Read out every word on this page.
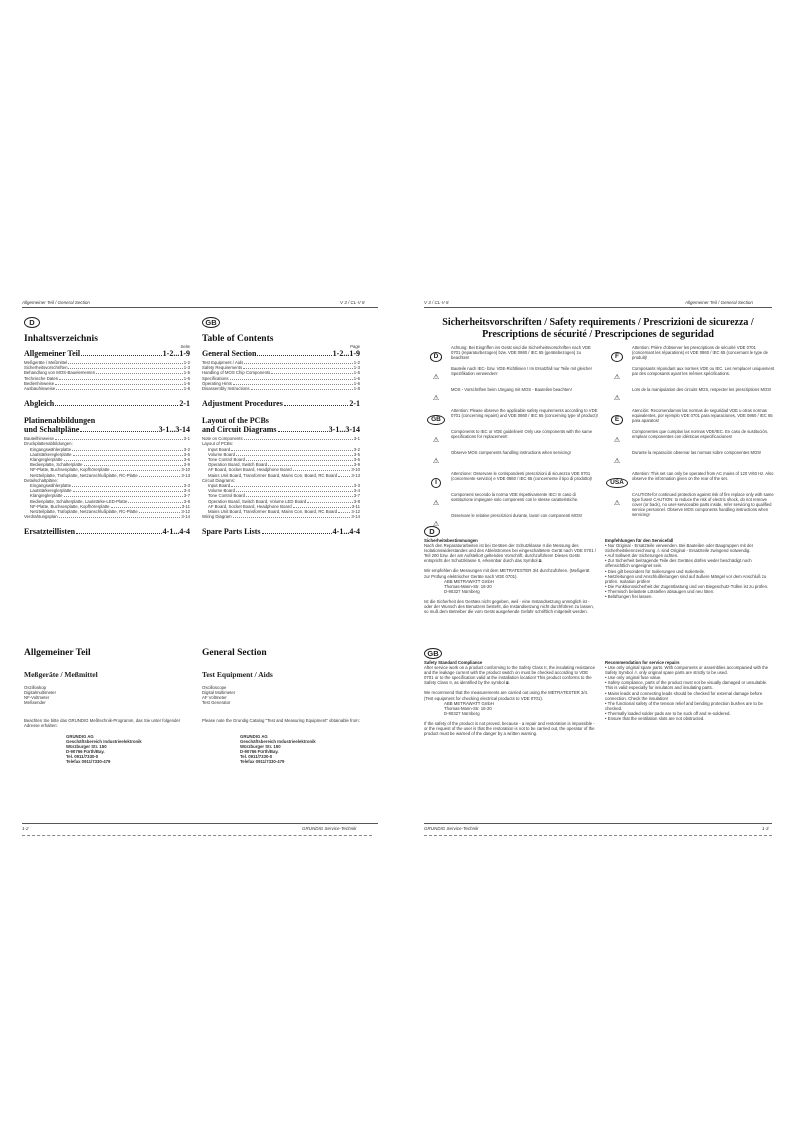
Allgemeiner Teil / General Section	V 3 / CL-V 8
D
Inhaltsverzeichnis
Seite
Allgemeiner Teil	1-2...1-9
Meßgeräte / Meßmittel	1-2
Sicherheitsvorschriften	1-3
Behandlung von MOS-Bauelementen	1-5
Technische Daten	1-6
Bedienhinweise	1-6
Ausbauhinweise	1-8
Abgleich	2-1
Platinenabbildungen
und Schaltpläne	3-1...3-14
Bauteilhinweise	3-1
Druckplattenabbildungen:
Eingangswählerplatte	3-2
Lautstärkereglerplatte	3-5
Klangreglerplatte	3-6
Bedienplatte, Schalterplatte	3-9
NF-Platte, Buchsenplatte, Kopfhörerplatte	3-10
Netzteilplatte, Trafoplatte, Netzanschlußplatte, RC-Platte	3-13
Detailschaltpläne:
Eingangswählerplatte	3-3
Lautstärkereglerplatte	3-4
Klangreglerplatte	3-7
Bedienplatte, Schalterplatte, Lautstärke-LED-Platte	3-8
NF-Platte, Buchsenplatte, Kopfhörerplatte	3-11
Netzteilplatte, Trafoplatte, Netzanschlußplatte, RC-Platte	3-12
Verdrahtungsplan	3-14
Ersatzteillisten	4-1...4-4
GB
Table of Contents
Page
General Section	1-2...1-9
Test Equipment / Aids	1-2
Safety Requirements	1-3
Handling of MOS Chip Components	1-5
Specifications	1-6
Operating Hints	1-6
Disassembly Instructions	1-8
Adjustment Procedures	2-1
Layout of the PCBs
and Circuit Diagrams	3-1...3-14
Note on Components	3-1
Layout of PCBs:
Input Board	3-2
Volume Board	3-5
Tone Control Board	3-6
Operation Board, Switch Board	3-9
AF Board, Socket Board, Headphone Board	3-10
Mains Unit Board, Transformer Board, Mains Con. Board, RC Board	3-13
Circuit Diagrams:
Input Board	3-3
Volume Board	3-4
Tone Control Board	3-7
Operation Board, Switch Board, Volume LED Board	3-8
AF Board, Socket Board, Headphone Board	3-11
Mains Unit Board, Transformer Board, Mains Con. Board, RC Board	3-12
Wiring Diagram	3-14
Spare Parts Lists	4-1...4-4
Allgemeiner Teil
Meßgeräte / Meßmittel
Oszilloskop
Digitalmultimeter
NF-Voltmeter
Meßsender
Beachten Sie bitte das GRUNDIG Meßtechnik-Programm, das Sie unter folgender Adresse erhalten:
GRUNDIG AG
Geschäftsbereich Industrieelektronik
Würzburger Str. 150
D-90766 Fürth/Bay.
Tel. 0911/7330-0
Telefax 0911/7330-479
General Section
Test Equipment / Aids
Oscilloscope
Digital Multimeter
AF Voltmeter
Test Generator
Please note the Grundig Catalog "Test and Measuring Equipment" obtainable from:
GRUNDIG AG
Geschäftsbereich Industrieelektronik
Würzburger Str. 150
D-90766 Fürth/Bay.
Tel. 0911/7330-0
Telefax 0911/7330-479
1-2	GRUNDIG Service-Technik
V 3 / CL-V 8	Allgemeiner Teil / General Section
Sicherheitsvorschriften / Safety requirements / Prescrizioni de sicurezza /
Prescriptions de sécurité / Prescripciones de seguridad
D
Achtung: Bei Eingriffen ins Gerät sind die Sicherheitsvorschriften nach VDE 0701 (reparaturbezogen) bzw. VDE 0860 / IEC 65 (gerätebezogen) zu beachten!
⚠
Bauteile nach IEC- bzw. VDE-Richtlinien ! Im Ersatzfall nur Teile mit gleicher Spezifikation verwenden!
⚠
MOS - Vorschriften beim Umgang mit MOS - Bauteilen beachten!
GB
Attention: Please observe the applicable safety requirements according to VDE 0701 (concerning repairs) and VDE 0860 / IEC 65 (concerning type of product)!
⚠
Components to IEC or VDE guidelines! Only use components with the same specifications for replacement!
⚠
Observe MOS components handling instructions when servicing!
I
Attenzione: Osservare le corrispondenti prescrizioni di sicurezza VDE 0701 (concernente servizio) e VDE 0860 / IEC 65 (concernente il tipo di prodotto)!
⚠
Componenti secondo la norma VDE rispettivamente IEC! In caso di sostituzione impiegare solo componenti con le stesse caratteristiche.
⚠
Osservare le relative prescrizioni durante, lavori con componenti MOS!
F
Attention: Prière d'observer les prescriptions de sécurité VDE 0701 (concernant les réparations) et VDE 0860 / IEC 65 (concernant le type de produit)!
⚠
Composants répondant aux normes VDE ou IEC. Les remplacer uniquement par des composants ayant les mêmes spécifications.
⚠
Lors de la manipulation des circuits MOS, respecter les prescriptions MOS!
E
Atención: Recomendamos las normas de seguridad VDE u otras normas equivalentes, por ejemplo VDE 0701 para reparaciones, VDE 0860 / IEC 65 para aparatos!
⚠
Componentes que cumplan las normas VDE/IEC. En caso de sustitución, emplear componentes con idénticas especificaciones!
⚠
Durante la reparación observar las normas sobre componentes MOS!
USA
Attention: This set can only be operated from AC mains of 120 V/60 Hz. Also observe the information given on the rear of the set.
⚠
CAUTION-for continued protection against risk of fire replace only with same type fuses! CAUTION: to reduce the risk of electric shock, do not remove cover (or back), no user-serviceable parts inside, refer servicing to qualified service personnel. Observe MOS components handling instructions when servicing!
D
Sicherheitsbestimmungen
Nach den Reparaturarbeiten ist bei Geräten der Schutzklasse II die Messung des Isolationswiderstandes und des Ableitstromes bei eingeschaltetem Gerät nach VDE 0701 / Teil 200 bzw. der am Aufstellort geltenden Vorschrift, durchzuführen! Dieses Gerät entspricht der Schutzklasse II, erkennbar durch das Symbol ⧈.
Wir empfehlen die Messungen mit dem METRATESTER 3/4 durchzuführen. (Meßgerät zur Prüfung elektrischer Geräte nach VDE 0701).
ABB METRAWATT GmbH
Thomas-Mann-Str. 16-20
D-90327 Nürnberg
Ist die Sicherheit des Gerätes nicht gegeben, weil - eine Instandsetzung unmöglich ist - oder der Wunsch des Benutzers besteht, die Instandsetzung nicht durchführen zu lassen, so muß dem Betreiber die vom Gerät ausgehende Gefahr schriftlich mitgeteilt werden.
Empfehlungen für den Servicefall
• Nur Original - Ersatzteile verwenden. Bei Bauteilen oder Baugruppen mit der Sicherheitskennzeichnung ⚠ sind Original - Ersatzteile zwingend notwendig.
• Auf Sollwert der Sicherungen achten.
• Zur Sicherheit beitragende Teile des Gerätes dürfen weder beschädigt noch offensichtlich ungeeignet sein.
• Dies gilt besonders für Isolierungen und Isolierteile.
• Netzleitungen und Anschlußleitungen sind auf äußere Mängel vor dem Anschluß zu prüfen. Isolation prüfen!
• Die Funktionssicherheit der Zugentlastung und von Biegeschutz-Tüllen ist zu prüfen.
• Thermisch belastete Lötstellen absaugen und neu löten.
• Belüftungen frei lassen.
GB
Safety Standard Compliance
After service work on a product conforming to the Safety Class II, the insulating resistance and the leakage current with the product switch on must be checked according to VDE 0701 or to the specification valid at the installation location! This product conforms to the Safety Class II, as identified by the symbol ⧈.
We recommend that the measurements are carried out using the METRATESTER 3/4. (Test equipment for checking electrical products to VDE 0701).
ABB METRAWATT GmbH
Thomas-Mann-Str. 16-20
D-90327 Nürnberg
If the safety of the product is not proved, because - a repair and restoration is impossible - or the request of the user is that the restoration is not to be carried out, the operator of the product must be warned of the danger by a written warning.
Recommendation for service repairs
• Use only original spare parts. With components or assemblies accompanied with the Safety Symbol ⚠ only original spare parts are strictly to be used.
• Use only original fuse value.
• Safety compliance, parts of the product must not be visually damaged or unsuitable. This is valid especially for insulators and insulating parts.
• Mains leads and connecting leads should be checked for external damage before connection. Check the insulation!
• The functional safety of the tension relief and bending protection bushes are to be checked.
• Thermally loaded solder pads are to be suck off and re-soldered.
• Ensure that the ventilation slots are not obstructed.
GRUNDIG Service-Technik	1-3
